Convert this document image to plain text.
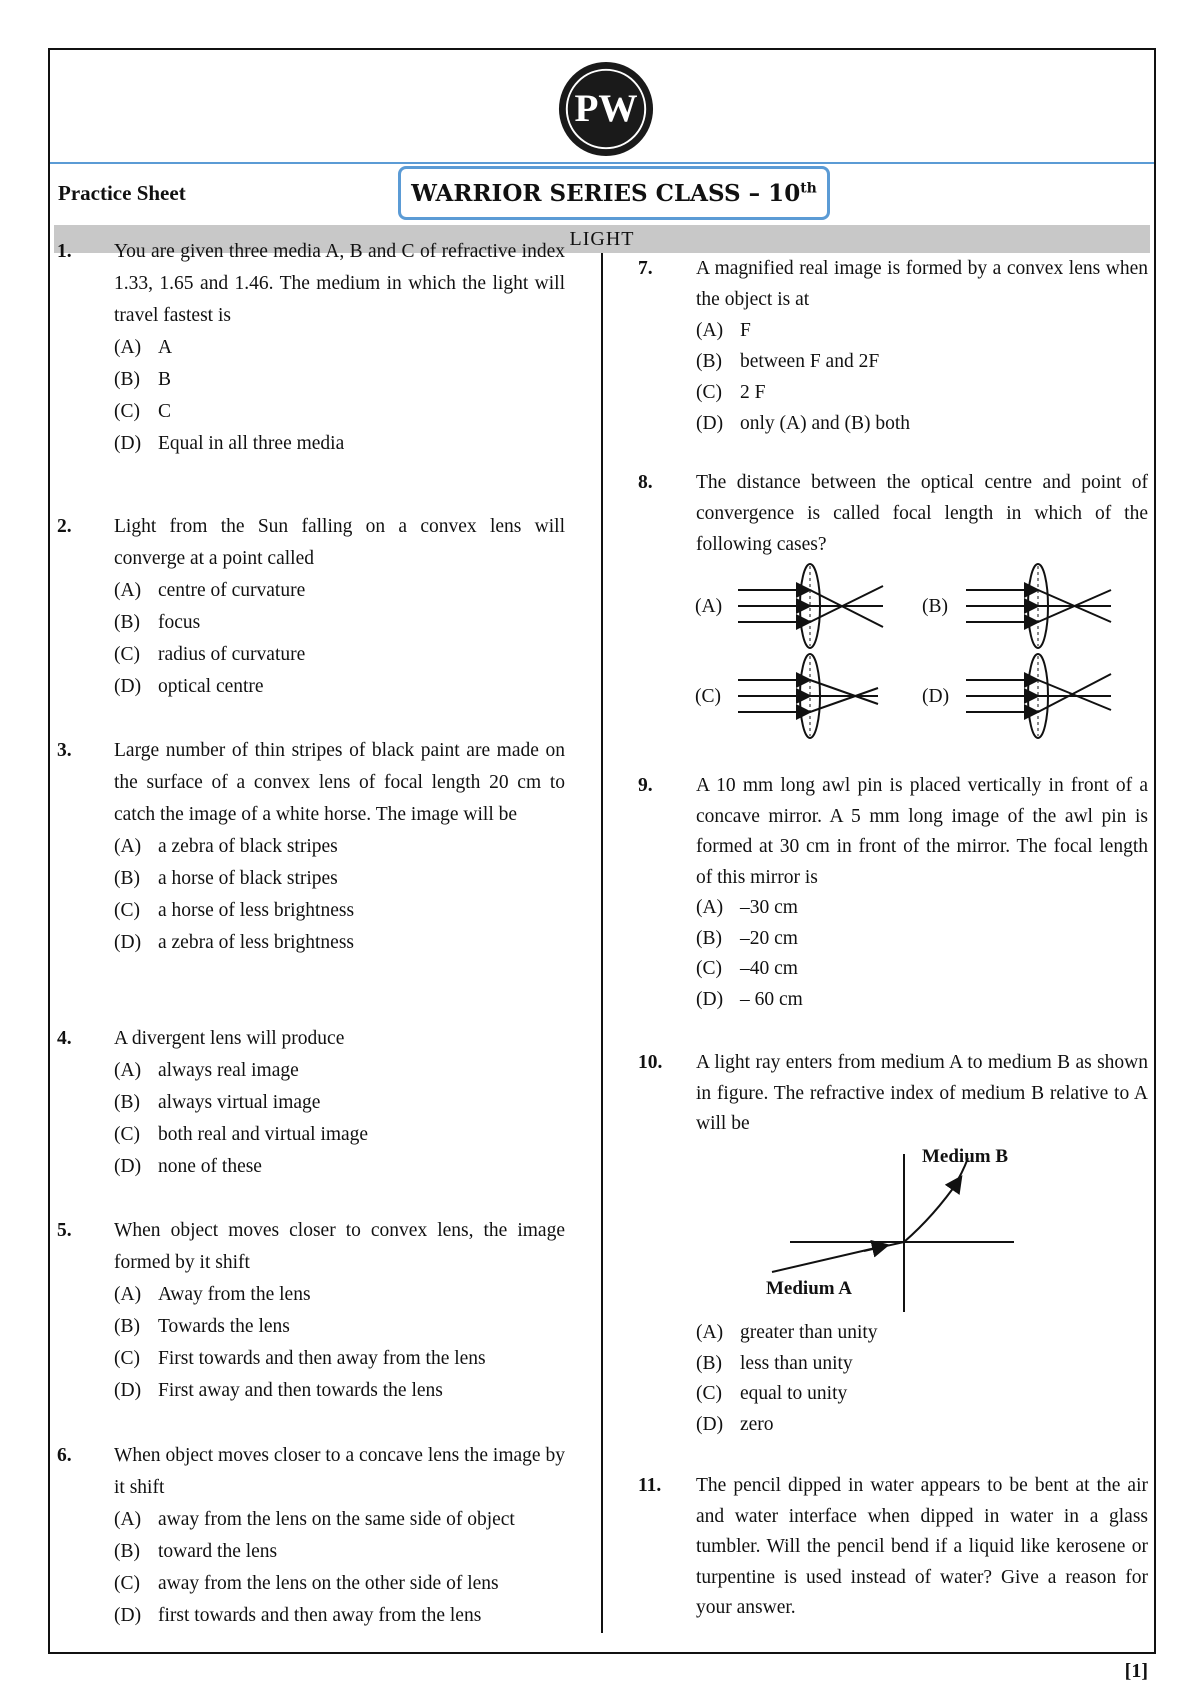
PW
Practice Sheet	WARRIOR SERIES CLASS – 10th
LIGHT
1. You are given three media A, B and C of refractive index 1.33, 1.65 and 1.46. The medium in which the light will travel fastest is
(A) A
(B) B
(C) C
(D) Equal in all three media
2. Light from the Sun falling on a convex lens will converge at a point called
(A) centre of curvature
(B) focus
(C) radius of curvature
(D) optical centre
3. Large number of thin stripes of black paint are made on the surface of a convex lens of focal length 20 cm to catch the image of a white horse. The image will be
(A) a zebra of black stripes
(B) a horse of black stripes
(C) a horse of less brightness
(D) a zebra of less brightness
4. A divergent lens will produce
(A) always real image
(B) always virtual image
(C) both real and virtual image
(D) none of these
5. When object moves closer to convex lens, the image formed by it shift
(A) Away from the lens
(B) Towards the lens
(C) First towards and then away from the lens
(D) First away and then towards the lens
6. When object moves closer to a concave lens the image by it shift
(A) away from the lens on the same side of object
(B) toward the lens
(C) away from the lens on the other side of lens
(D) first towards and then away from the lens
7. A magnified real image is formed by a convex lens when the object is at
(A) F
(B) between F and 2F
(C) 2 F
(D) only (A) and (B) both
8. The distance between the optical centre and point of convergence is called focal length in which of the following cases?
(A)	(B)
(C)	(D)
9. A 10 mm long awl pin is placed vertically in front of a concave mirror. A 5 mm long image of the awl pin is formed at 30 cm in front of the mirror. The focal length of this mirror is
(A) –30 cm
(B) –20 cm
(C) –40 cm
(D) – 60 cm
10. A light ray enters from medium A to medium B as shown in figure. The refractive index of medium B relative to A will be
Medium B
Medium A
(A) greater than unity
(B) less than unity
(C) equal to unity
(D) zero
11. The pencil dipped in water appears to be bent at the air and water interface when dipped in water in a glass tumbler. Will the pencil bend if a liquid like kerosene or turpentine is used instead of water? Give a reason for your answer.
[1]
